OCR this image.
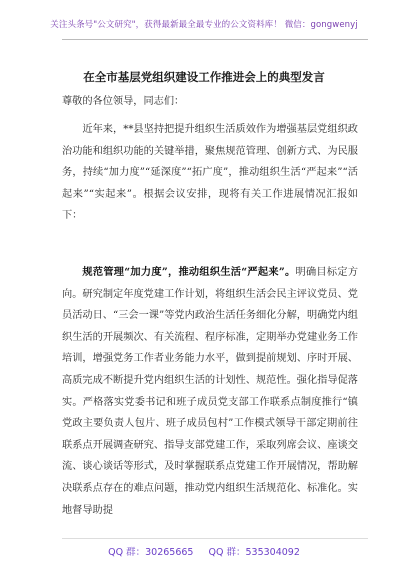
关注头条号"公文研究"，获得最新最全最专业的公文资料库！ 微信：gongwenyj
在全市基层党组织建设工作推进会上的典型发言
尊敬的各位领导，同志们：

近年来，**县坚持把提升组织生活质效作为增强基层党组织政治功能和组织功能的关键举措，聚焦规范管理、创新方式、为民服务，持续“加力度”“延深度”“拓广度”，推动组织生活“严起来”“活起来”“实起来”。根据会议安排，现将有关工作进展情况汇报如下：

规范管理“加力度”，推动组织生活“严起来”。明确目标定方向。研究制定年度党建工作计划，将组织生活会民主评议党员、党员活动日、“三会一课”等党内政治生活任务细化分解，明确党内组织生活的开展频次、有关流程、程序标准，定期举办党建业务工作培训，增强党务工作者业务能力水平，做到提前规划、序时开展、高质完成不断提升党内组织生活的计划性、规范性。强化指导促落实。严格落实党委书记和班子成员党支部工作联系点制度推行“镇党政主要负责人包片、班子成员包村”工作模式领导干部定期前往联系点开展调查研究、指导支部党建工作，采取列席会议、座谈交流、谈心谈话等形式，及时掌握联系点党建工作开展情况，帮助解决联系点存在的难点问题，推动党内组织生活规范化、标准化。实地督导助提

QQ 群：30265665 QQ 群：535304092
